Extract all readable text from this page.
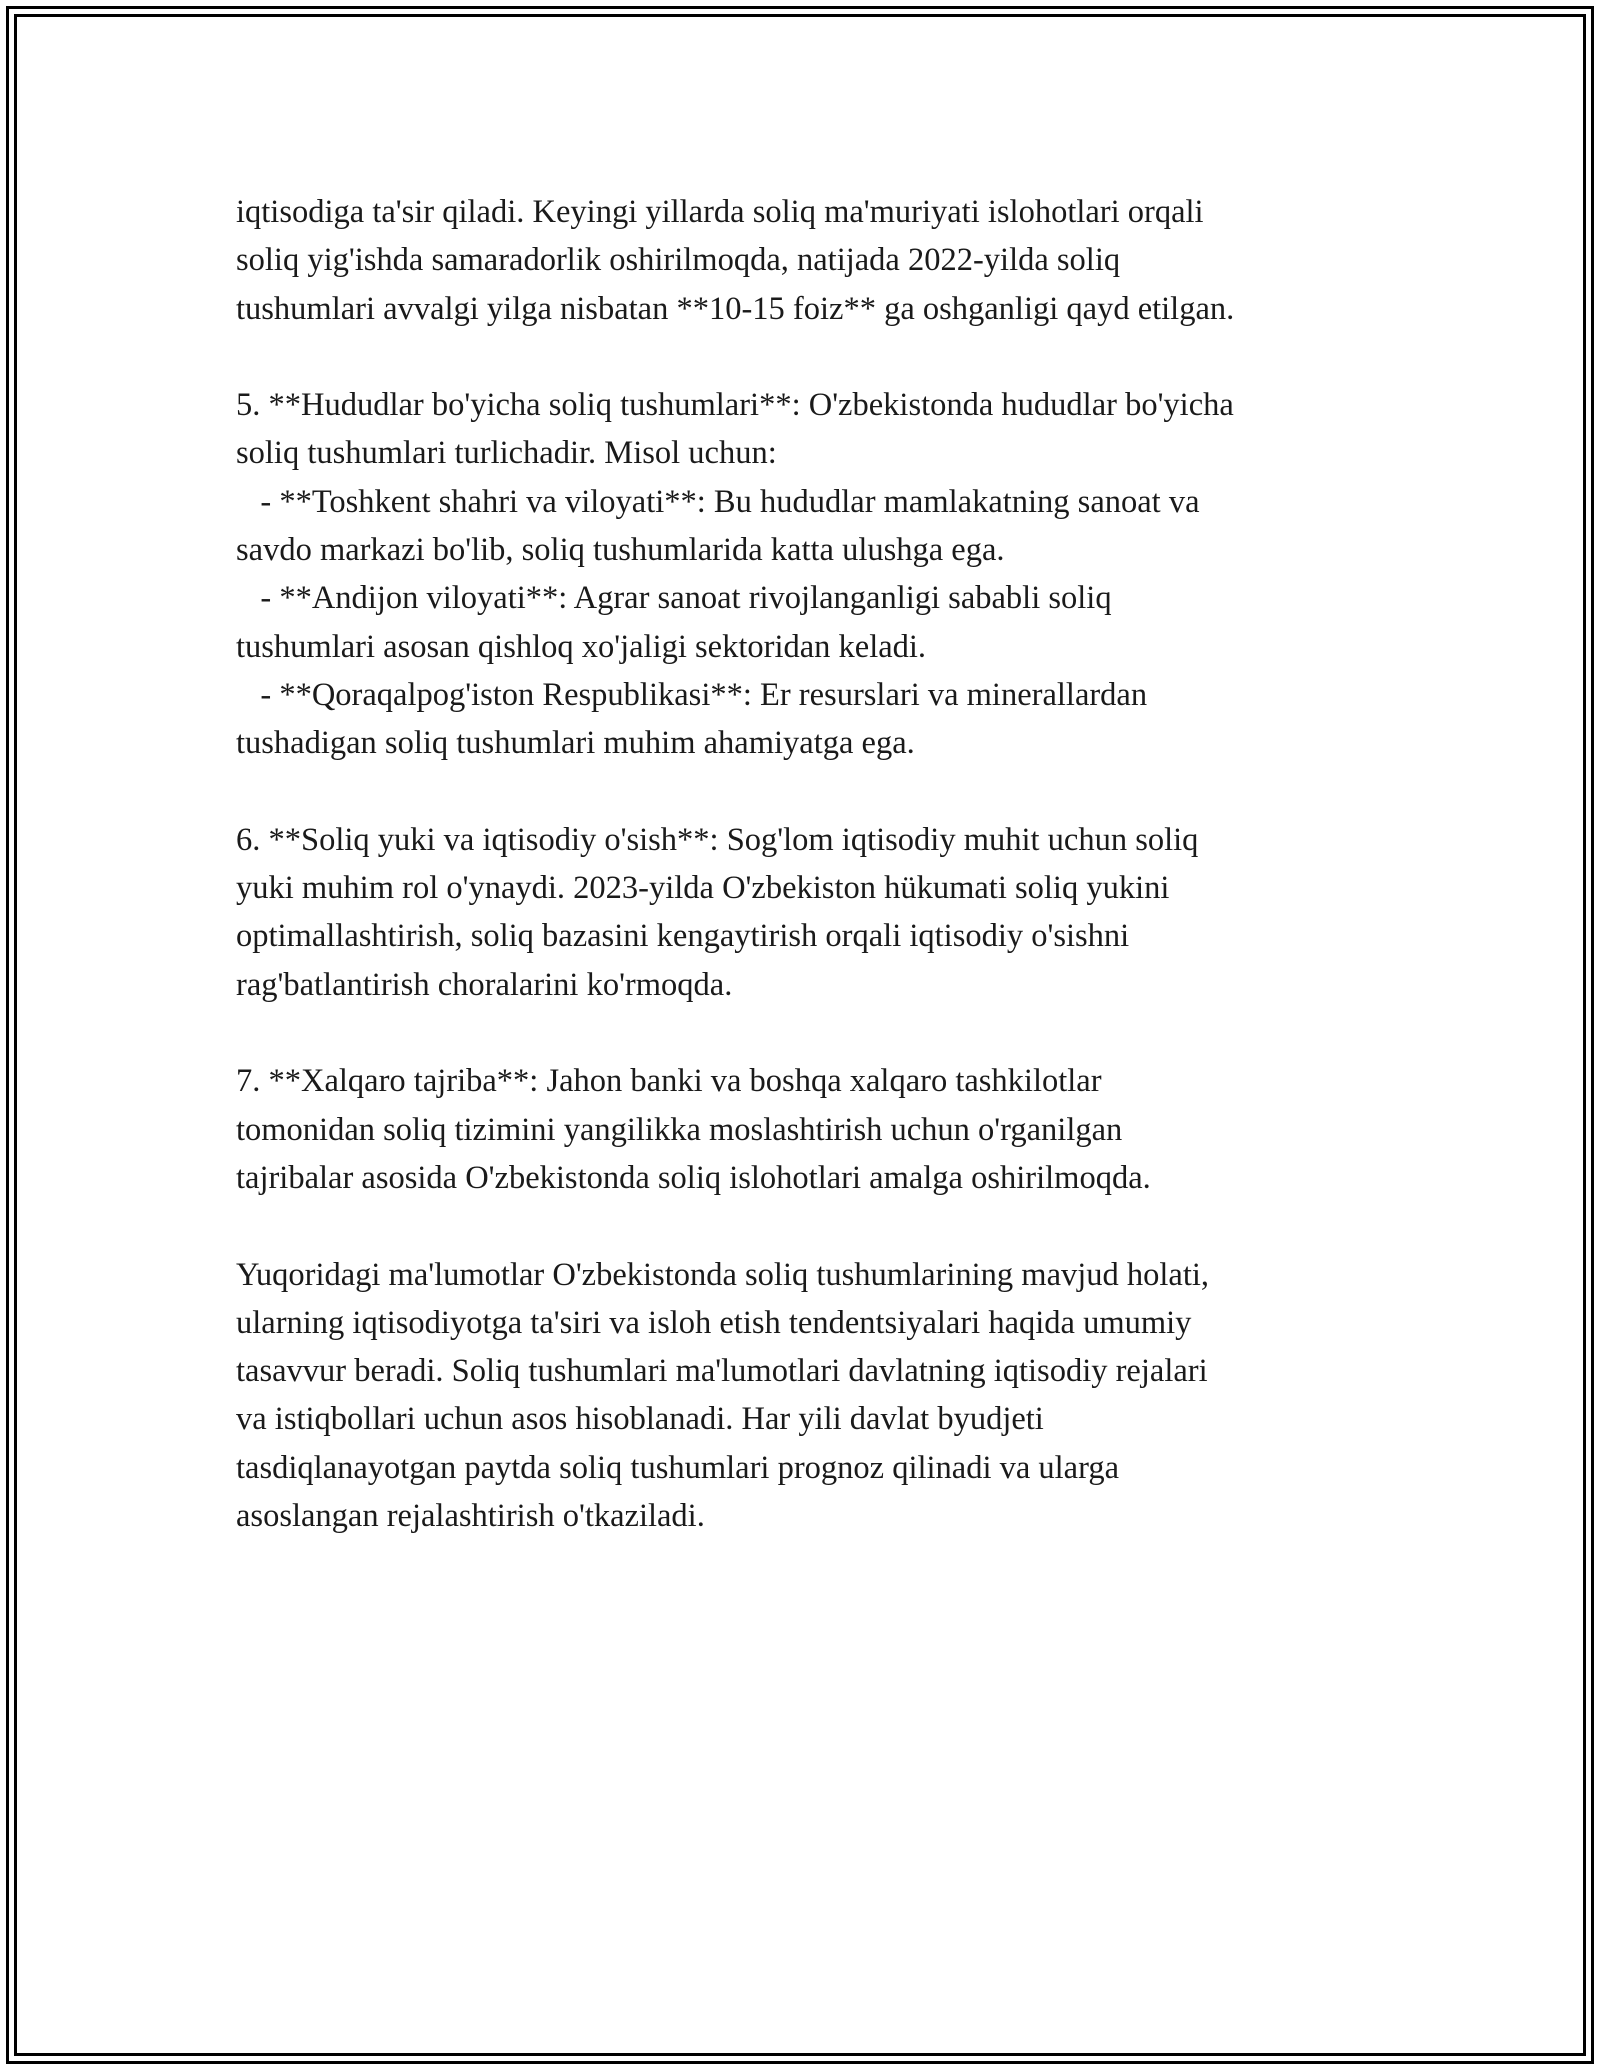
iqtisodiga ta'sir qiladi. Keyingi yillarda soliq ma'muriyati islohotlari orqali
soliq yig'ishda samaradorlik oshirilmoqda, natijada 2022-yilda soliq
tushumlari avvalgi yilga nisbatan **10-15 foiz** ga oshganligi qayd etilgan.
5. **Hududlar bo'yicha soliq tushumlari**: O'zbekistonda hududlar bo'yicha
soliq tushumlari turlichadir. Misol uchun:
- **Toshkent shahri va viloyati**: Bu hududlar mamlakatning sanoat va
savdo markazi bo'lib, soliq tushumlarida katta ulushga ega.
- **Andijon viloyati**: Agrar sanoat rivojlanganligi sababli soliq
tushumlari asosan qishloq xo'jaligi sektoridan keladi.
- **Qoraqalpog'iston Respublikasi**: Er resurslari va minerallardan
tushadigan soliq tushumlari muhim ahamiyatga ega.
6. **Soliq yuki va iqtisodiy o'sish**: Sog'lom iqtisodiy muhit uchun soliq
yuki muhim rol o'ynaydi. 2023-yilda O'zbekiston hükumati soliq yukini
optimallashtirish, soliq bazasini kengaytirish orqali iqtisodiy o'sishni
rag'batlantirish choralarini ko'rmoqda.
7. **Xalqaro tajriba**: Jahon banki va boshqa xalqaro tashkilotlar
tomonidan soliq tizimini yangilikka moslashtirish uchun o'rganilgan
tajribalar asosida O'zbekistonda soliq islohotlari amalga oshirilmoqda.
Yuqoridagi ma'lumotlar O'zbekistonda soliq tushumlarining mavjud holati,
ularning iqtisodiyotga ta'siri va isloh etish tendentsiyalari haqida umumiy
tasavvur beradi. Soliq tushumlari ma'lumotlari davlatning iqtisodiy rejalari
va istiqbollari uchun asos hisoblanadi. Har yili davlat byudjeti
tasdiqlanayotgan paytda soliq tushumlari prognoz qilinadi va ularga
asoslangan rejalashtirish o'tkaziladi.
